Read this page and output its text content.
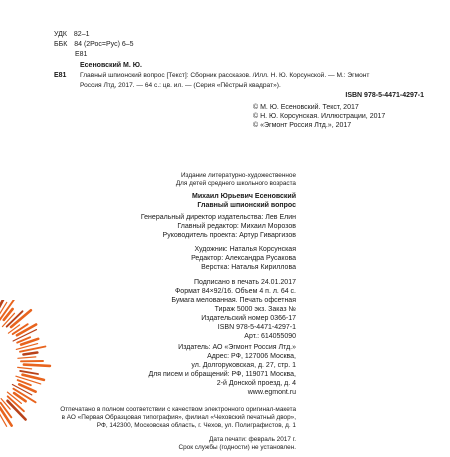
УДК 82–1
ББК 84 (2Рос=Рус) 6–5
Е81
Есеновский М. Ю.
Е81 Главный шпионский вопрос [Текст]: Сборник рассказов. /Илл. Н. Ю. Корсунской. — М.: Эгмонт
Россия Лтд, 2017. — 64 с.: цв. ил. — (Серия «Пёстрый квадрат»).
ISBN 978-5-4471-4297-1
© М. Ю. Есеновский. Текст, 2017
© Н. Ю. Корсунская. Иллюстрации, 2017
© «Эгмонт Россия Лтд.», 2017
Издание литературно-художественное
Для детей среднего школьного возраста
Михаил Юрьевич Есеновский
Главный шпионский вопрос
Генеральный директор издательства: Лев Елин
Главный редактор: Михаил Морозов
Руководитель проекта: Артур Гиваргизов
Художник: Наталья Корсунская
Редактор: Александра Русакова
Верстка: Наталья Кириллова
Подписано в печать 24.01.2017
Формат 84×92/16. Объем 4 п. л. 64 с.
Бумага мелованная. Печать офсетная
Тираж 5000 экз. Заказ №
Издательский номер 0366-17
ISBN 978-5-4471-4297-1
Арт.: 614055090
Издатель: АО «Эгмонт Россия Лтд.»
Адрес: РФ, 127006 Москва,
ул. Долгоруковская, д. 27, стр. 1
Для писем и обращений: РФ, 119071 Москва,
2-й Донской проезд, д. 4
www.egmont.ru
Отпечатано в полном соответствии с качеством электронного оригинал-макета
в АО «Первая Образцовая типография», филиал «Чеховский печатный двор»,
РФ, 142300, Московская область, г. Чехов, ул. Полиграфистов, д. 1
Дата печати: февраль 2017 г.
Срок службы (годности) не установлен.
